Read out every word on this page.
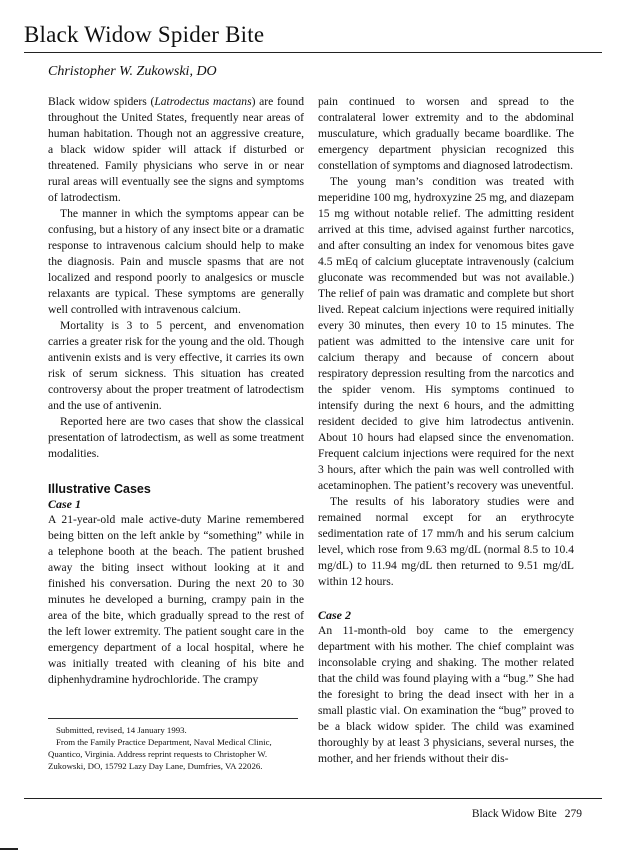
Black Widow Spider Bite
Christopher W. Zukowski, DO

Black widow spiders (Latrodectus mactans) are found throughout the United States, frequently near areas of human habitation. Though not an aggressive creature, a black widow spider will attack if disturbed or threatened. Family physicians who serve in or near rural areas will eventually see the signs and symptoms of latrodectism.

The manner in which the symptoms appear can be confusing, but a history of any insect bite or a dramatic response to intravenous calcium should help to make the diagnosis. Pain and muscle spasms that are not localized and respond poorly to analgesics or muscle relaxants are typical. These symptoms are generally well controlled with intravenous calcium.

Mortality is 3 to 5 percent, and envenomation carries a greater risk for the young and the old. Though antivenin exists and is very effective, it carries its own risk of serum sickness. This situation has created controversy about the proper treatment of latrodectism and the use of antivenin.

Reported here are two cases that show the classical presentation of latrodectism, as well as some treatment modalities.

Illustrative Cases
Case 1

A 21-year-old male active-duty Marine remembered being bitten on the left ankle by “something” while in a telephone booth at the beach. The patient brushed away the biting insect without looking at it and finished his conversation. During the next 20 to 30 minutes he developed a burning, crampy pain in the area of the bite, which gradually spread to the rest of the left lower extremity. The patient sought care in the emergency department of a local hospital, where he was initially treated with cleaning of his bite and diphenhydramine hydrochloride. The crampy

pain continued to worsen and spread to the contralateral lower extremity and to the abdominal musculature, which gradually became boardlike. The emergency department physician recognized this constellation of symptoms and diagnosed latrodectism.

The young man’s condition was treated with meperidine 100 mg, hydroxyzine 25 mg, and diazepam 15 mg without notable relief. The admitting resident arrived at this time, advised against further narcotics, and after consulting an index for venomous bites gave 4.5 mEq of calcium gluceptate intravenously (calcium gluconate was recommended but was not available.) The relief of pain was dramatic and complete but short lived. Repeat calcium injections were required initially every 30 minutes, then every 10 to 15 minutes. The patient was admitted to the intensive care unit for calcium therapy and because of concern about respiratory depression resulting from the narcotics and the spider venom. His symptoms continued to intensify during the next 6 hours, and the admitting resident decided to give him latrodectus antivenin. About 10 hours had elapsed since the envenomation. Frequent calcium injections were required for the next 3 hours, after which the pain was well controlled with acetaminophen. The patient’s recovery was uneventful.

The results of his laboratory studies were and remained normal except for an erythrocyte sedimentation rate of 17 mm/h and his serum calcium level, which rose from 9.63 mg/dL (normal 8.5 to 10.4 mg/dL) to 11.94 mg/dL then returned to 9.51 mg/dL within 12 hours.

Case 2

An 11-month-old boy came to the emergency department with his mother. The chief complaint was inconsolable crying and shaking. The mother related that the child was found playing with a “bug.” She had the foresight to bring the dead insect with her in a small plastic vial. On examination the “bug” proved to be a black widow spider. The child was examined thoroughly by at least 3 physicians, several nurses, the mother, and her friends without their dis-

Submitted, revised, 14 January 1993.

From the Family Practice Department, Naval Medical Clinic, Quantico, Virginia. Address reprint requests to Christopher W. Zukowski, DO, 15792 Lazy Day Lane, Dumfries, VA 22026.

Black Widow Bite 279
